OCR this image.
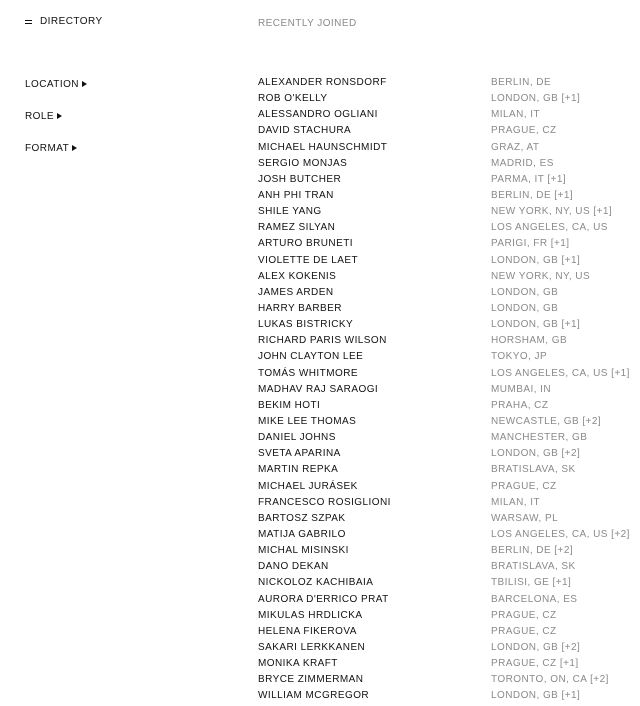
DIRECTORY	RECENTLY JOINED
LOCATION
ROLE
FORMAT
ALEXANDER RONSDORF	BERLIN, DE
ROB O'KELLY	LONDON, GB [+1]
ALESSANDRO OGLIANI	MILAN, IT
DAVID STACHURA	PRAGUE, CZ
MICHAEL HAUNSCHMIDT	GRAZ, AT
SERGIO MONJAS	MADRID, ES
JOSH BUTCHER	PARMA, IT [+1]
ANH PHI TRAN	BERLIN, DE [+1]
SHILE YANG	NEW YORK, NY, US [+1]
RAMEZ SILYAN	LOS ANGELES, CA, US
ARTURO BRUNETI	PARIGI, FR [+1]
VIOLETTE DE LAET	LONDON, GB [+1]
ALEX KOKENIS	NEW YORK, NY, US
JAMES ARDEN	LONDON, GB
HARRY BARBER	LONDON, GB
LUKAS BISTRICKY	LONDON, GB [+1]
RICHARD PARIS WILSON	HORSHAM, GB
JOHN CLAYTON LEE	TOKYO, JP
TOMÁS WHITMORE	LOS ANGELES, CA, US [+1]
MADHAV RAJ SARAOGI	MUMBAI, IN
BEKIM HOTI	PRAHA, CZ
MIKE LEE THOMAS	NEWCASTLE, GB [+2]
DANIEL JOHNS	MANCHESTER, GB
SVETA APARINA	LONDON, GB [+2]
MARTIN REPKA	BRATISLAVA, SK
MICHAEL JURÁSEK	PRAGUE, CZ
FRANCESCO ROSIGLIONI	MILAN, IT
BARTOSZ SZPAK	WARSAW, PL
MATIJA GABRILO	LOS ANGELES, CA, US [+2]
MICHAL MISINSKI	BERLIN, DE [+2]
DANO DEKAN	BRATISLAVA, SK
NICKOLOZ KACHIBAIA	TBILISI, GE [+1]
AURORA D'ERRICO PRAT	BARCELONA, ES
MIKULAS HRDLICKA	PRAGUE, CZ
HELENA FIKEROVA	PRAGUE, CZ
SAKARI LERKKANEN	LONDON, GB [+2]
MONIKA KRAFT	PRAGUE, CZ [+1]
BRYCE ZIMMERMAN	TORONTO, ON, CA [+2]
WILLIAM MCGREGOR	LONDON, GB [+1]
